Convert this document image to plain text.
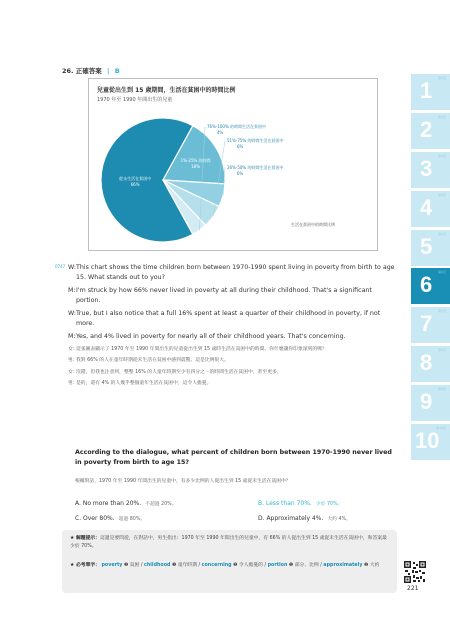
26. 正確答案 | B
第1章
1
第2章
2
第3章
3
第4章
4
第5章
5
第6章
6
第7章
7
第8章
8
第9章
9
第10章
10
兒童從出生到 15 歲期間，生活在貧困中的時間比例
1970 年至 1990 年間出生的兒童
從未生活在貧困中
66%
1%-25% 的時間
18%	26%-50% 的時間生活在貧困中
6%
51%-75% 的時間生活在貧困中
6%
76%-100% 的時間生活在貧困中
4%
生活在貧困中的時間比例
0747 W: This chart shows the time children born between 1970-1990 spent living in poverty from birth to age 15. What stands out to you?
M: I'm struck by how 66% never lived in poverty at all during their childhood. That's a significant portion.
W: True, but I also notice that a full 16% spent at least a quarter of their childhood in poverty, if not more.
M: Yes, and 4% lived in poverty for nearly all of their childhood years. That's concerning.
女：
這張圖表顯示了 1970 年至 1990 年間出生的兒童從出生到 15 歲時生活在貧困中的時間。你什麼讓你印象深刻的嗎？
男：
我對 66% 的人在童年時期從未生活在貧困中感到震驚。這是比例很大。
女：
沒錯，但我也注意到，整整 16% 的人童年時期至少有四分之一的時間生活在貧困中，甚至更多。
男：
是的，還有 4% 的人幾乎整個童年生活在貧困中，這令人擔憂。
According to the dialogue, what percent of children born between 1970-1990 never lived in poverty from birth to age 15?
根據對話，1970 年至 1990 年間出生的兒童中，有多少比例的人從出生到 15 歲從未生活在貧困中？
A. No more than 20%. 不超過 20%。	B. Less than 70%. 少於 70%。
C. Over 80%. 超過 80%。	D. Approximately 4%. 大約 4%。
★ 解題提示：這邊是要問從，在對話中，男生指出：1970 年至 1990 年間出生的兒童中，有 66% 的人從出生到 15 歲從未生活在貧困中，和答案最少於 70%。
★ 必考單字： poverty ❶ 貧困 / childhood ❶ 童年時期 / concerning ❷ 令人擔憂的 / portion ❶ 部分、比例 / approximately ❷ 大約
221
